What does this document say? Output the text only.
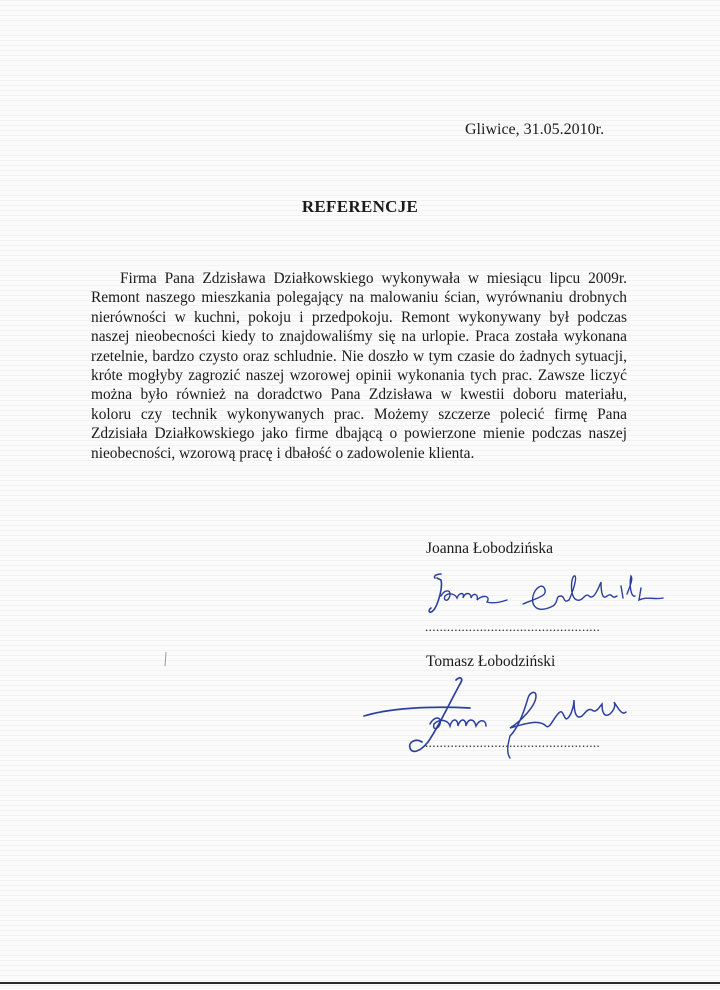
Gliwice, 31.05.2010r.
REFERENCJE
Firma Pana Zdzisława Działkowskiego wykonywała w miesiącu lipcu 2009r.
Remont naszego mieszkania polegający na malowaniu ścian, wyrównaniu drobnych
nierówności w kuchni, pokoju i przedpokoju. Remont wykonywany był podczas
naszej nieobecności kiedy to znajdowaliśmy się na urlopie. Praca została wykonana
rzetelnie, bardzo czysto oraz schludnie. Nie doszło w tym czasie do żadnych sytuacji,
króte mogłyby zagrozić naszej wzorowej opinii wykonania tych prac. Zawsze liczyć
można było również na doradctwo Pana Zdzisława w kwestii doboru materiału,
koloru czy technik wykonywanych prac. Możemy szczerze polecić firmę Pana
Zdzisiała Działkowskiego jako firme dbającą o powierzone mienie podczas naszej
nieobecności, wzorową pracę i dbałość o zadowolenie klienta.
Joanna Łobodzińska
Joanna Łobodzińska
................................................
Tomasz Łobodziński
Tomasz Łobodziński
................................................
